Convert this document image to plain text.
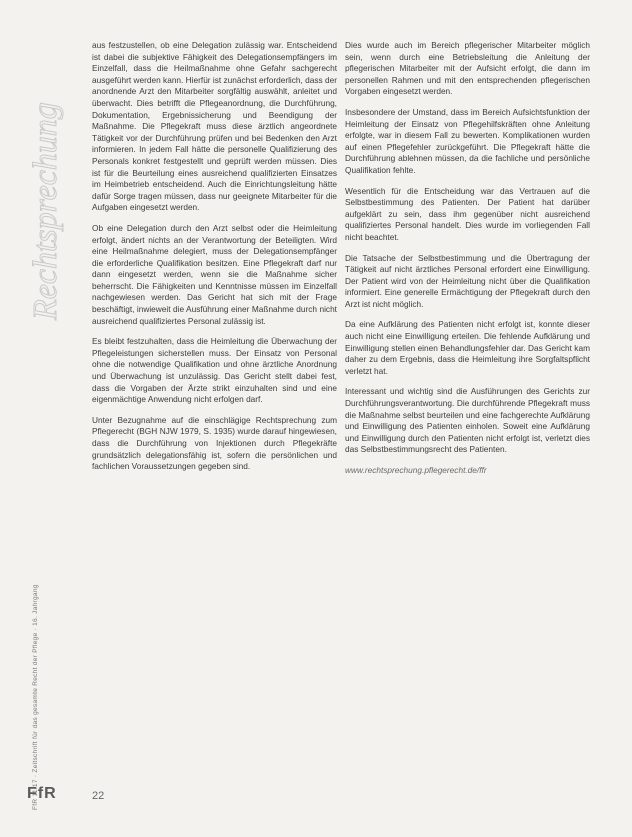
Rechtsprechung
FfR 11/17 · Zeitschrift für das gesamte Recht der Pflege · 16. Jahrgang

aus festzustellen, ob eine Delegation zulässig war. Entscheidend ist dabei die subjektive Fähigkeit des Delegationsempfängers im Einzelfall, dass die Heilmaßnahme ohne Gefahr sachgerecht ausgeführt werden kann. Hierfür ist zunächst erforderlich, dass der anordnende Arzt den Mitarbeiter sorgfältig auswählt, anleitet und überwacht. Dies betrifft die Pflegeanordnung, die Durchführung, Dokumentation, Ergebnissicherung und Beendigung der Maßnahme. Die Pflegekraft muss diese ärztlich angeordnete Tätigkeit vor der Durchführung prüfen und bei Bedenken den Arzt informieren. In jedem Fall hätte die personelle Qualifizierung des Personals konkret festgestellt und geprüft werden müssen. Dies ist für die Beurteilung eines ausreichend qualifizierten Einsatzes im Heimbetrieb entscheidend. Auch die Einrichtungsleitung hätte dafür Sorge tragen müssen, dass nur geeignete Mitarbeiter für die Aufgaben eingesetzt werden.

Ob eine Delegation durch den Arzt selbst oder die Heimleitung erfolgt, ändert nichts an der Verantwortung der Beteiligten. Wird eine Heilmaßnahme delegiert, muss der Delegationsempfänger die erforderliche Qualifikation besitzen. Eine Pflegekraft darf nur dann eingesetzt werden, wenn sie die Maßnahme sicher beherrscht. Die Fähigkeiten und Kenntnisse müssen im Einzelfall nachgewiesen werden. Das Gericht hat sich mit der Frage beschäftigt, inwieweit die Ausführung einer Maßnahme durch nicht ausreichend qualifiziertes Personal zulässig ist.

Es bleibt festzuhalten, dass die Heimleitung die Überwachung der Pflegeleistungen sicherstellen muss. Der Einsatz von Personal ohne die notwendige Qualifikation und ohne ärztliche Anordnung und Überwachung ist unzulässig. Das Gericht stellt dabei fest, dass die Vorgaben der Ärzte strikt einzuhalten sind und eine eigenmächtige Anwendung nicht erfolgen darf.

Unter Bezugnahme auf die einschlägige Rechtsprechung zum Pflegerecht (BGH NJW 1979, S. 1935) wurde darauf hingewiesen, dass die Durchführung von Injektionen durch Pflegekräfte grundsätzlich delegationsfähig ist, sofern die persönlichen und fachlichen Voraussetzungen gegeben sind.

Dies wurde auch im Bereich pflegerischer Mitarbeiter möglich sein, wenn durch eine Betriebsleitung die Anleitung der pflegerischen Mitarbeiter mit der Aufsicht erfolgt, die dann im personellen Rahmen und mit den entsprechenden pflegerischen Vorgaben eingesetzt werden.

Insbesondere der Umstand, dass im Bereich Aufsichtsfunktion der Heimleitung der Einsatz von Pflegehilfskräften ohne Anleitung erfolgte, war in diesem Fall zu bewerten. Komplikationen wurden auf einen Pflegefehler zurückgeführt. Die Pflegekraft hätte die Durchführung ablehnen müssen, da die fachliche und persönliche Qualifikation fehlte.

Wesentlich für die Entscheidung war das Vertrauen auf die Selbstbestimmung des Patienten. Der Patient hat darüber aufgeklärt zu sein, dass ihm gegenüber nicht ausreichend qualifiziertes Personal handelt. Dies wurde im vorliegenden Fall nicht beachtet.

Die Tatsache der Selbstbestimmung und die Übertragung der Tätigkeit auf nicht ärztliches Personal erfordert eine Einwilligung. Der Patient wird von der Heimleitung nicht über die Qualifikation informiert. Eine generelle Ermächtigung der Pflegekraft durch den Arzt ist nicht möglich.

Da eine Aufklärung des Patienten nicht erfolgt ist, konnte dieser auch nicht eine Einwilligung erteilen. Die fehlende Aufklärung und Einwilligung stellen einen Behandlungsfehler dar. Das Gericht kam daher zu dem Ergebnis, dass die Heimleitung ihre Sorgfaltspflicht verletzt hat.

Interessant und wichtig sind die Ausführungen des Gerichts zur Durchführungsverantwortung. Die durchführende Pflegekraft muss die Maßnahme selbst beurteilen und eine fachgerechte Aufklärung und Einwilligung des Patienten einholen. Soweit eine Aufklärung und Einwilligung durch den Patienten nicht erfolgt ist, verletzt dies das Selbstbestimmungsrecht des Patienten.

www.rechtsprechung.pflegerecht.de/ffr

FfR	22
